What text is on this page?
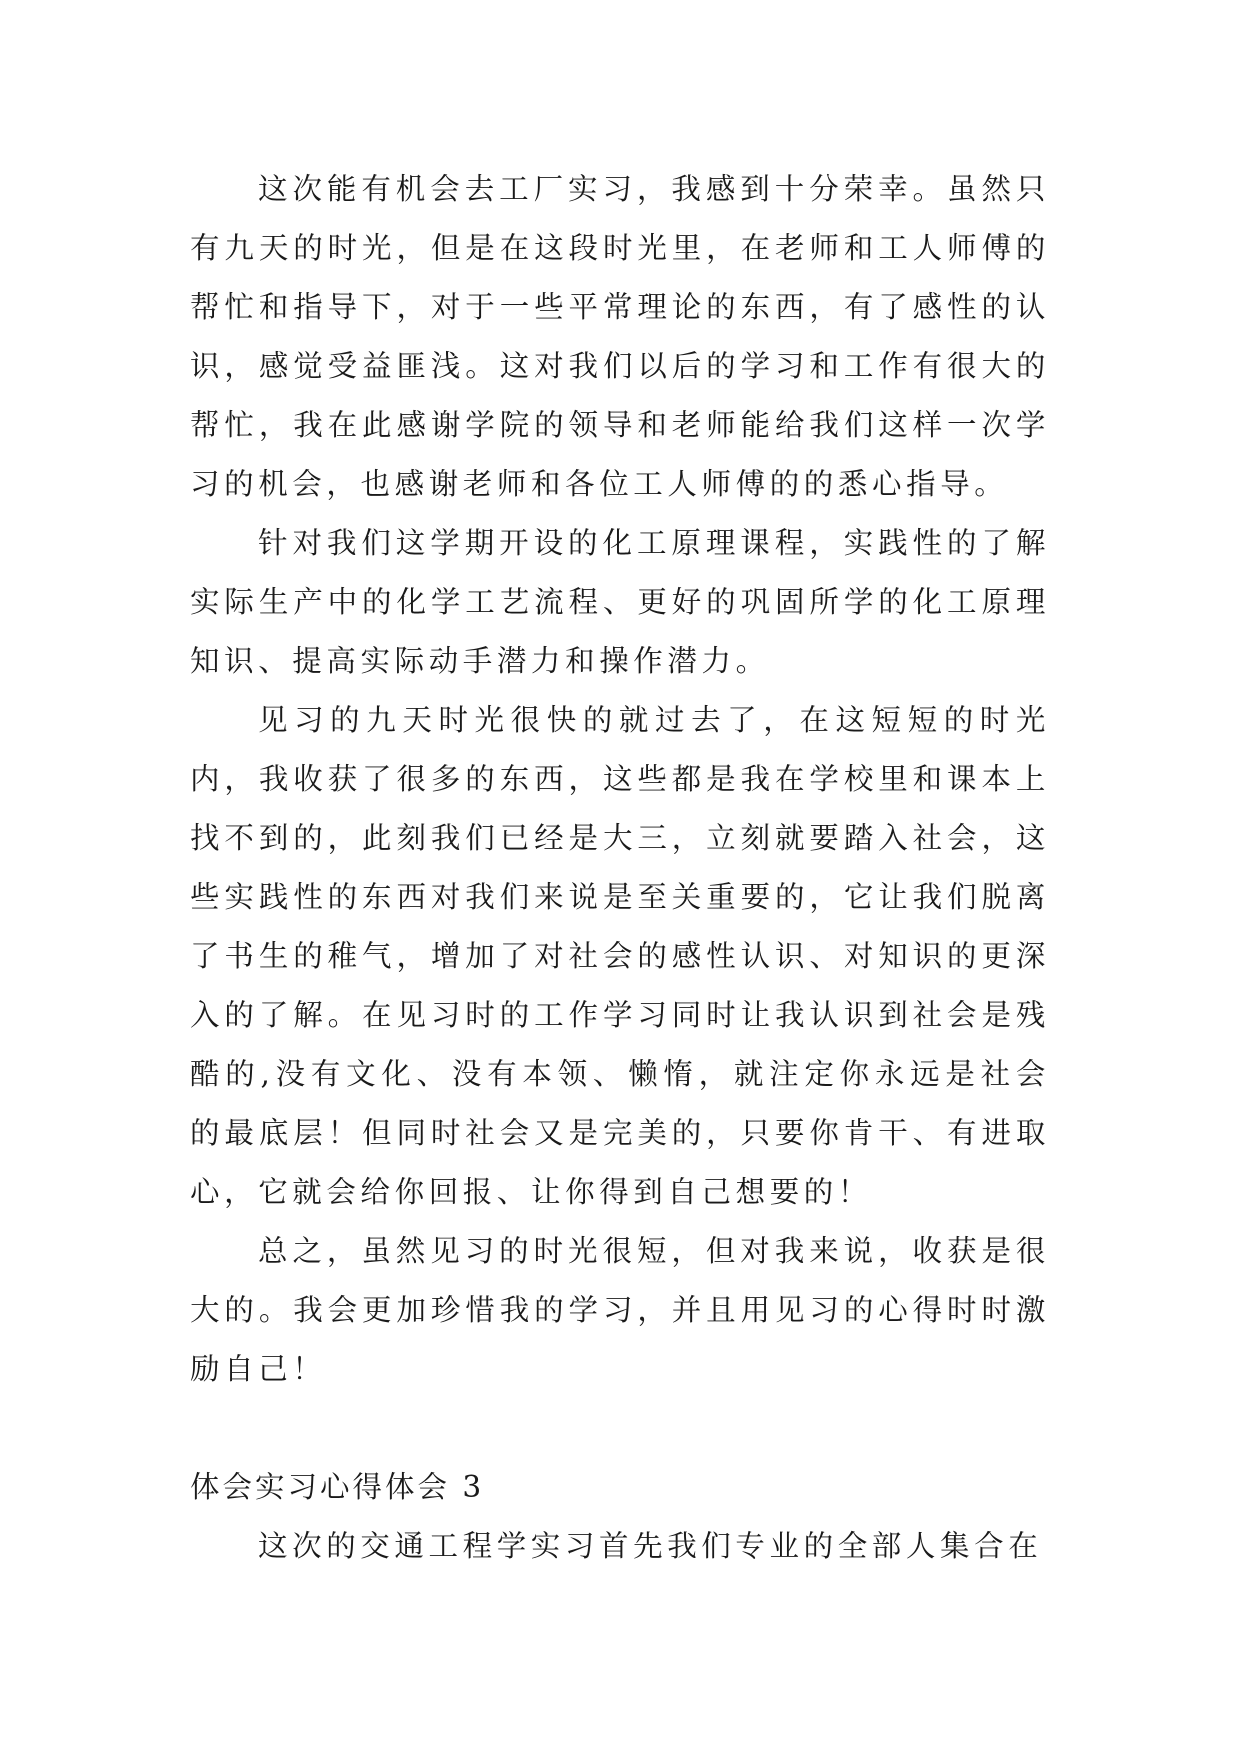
这次能有机会去工厂实习，我感到十分荣幸。虽然只有九天的时光，但是在这段时光里，在老师和工人师傅的帮忙和指导下，对于一些平常理论的东西，有了感性的认识，感觉受益匪浅。这对我们以后的学习和工作有很大的帮忙，我在此感谢学院的领导和老师能给我们这样一次学习的机会，也感谢老师和各位工人师傅的的悉心指导。

针对我们这学期开设的化工原理课程，实践性的了解实际生产中的化学工艺流程、更好的巩固所学的化工原理知识、提高实际动手潜力和操作潜力。

见习的九天时光很快的就过去了，在这短短的时光内，我收获了很多的东西，这些都是我在学校里和课本上找不到的，此刻我们已经是大三，立刻就要踏入社会，这些实践性的东西对我们来说是至关重要的，它让我们脱离了书生的稚气，增加了对社会的感性认识、对知识的更深入的了解。在见习时的工作学习同时让我认识到社会是残酷的,没有文化、没有本领、懒惰，就注定你永远是社会的最底层！但同时社会又是完美的，只要你肯干、有进取心，它就会给你回报、让你得到自己想要的！

总之，虽然见习的时光很短，但对我来说，收获是很大的。我会更加珍惜我的学习，并且用见习的心得时时激励自己！

体会实习心得体会 3

这次的交通工程学实习首先我们专业的全部人集合在
